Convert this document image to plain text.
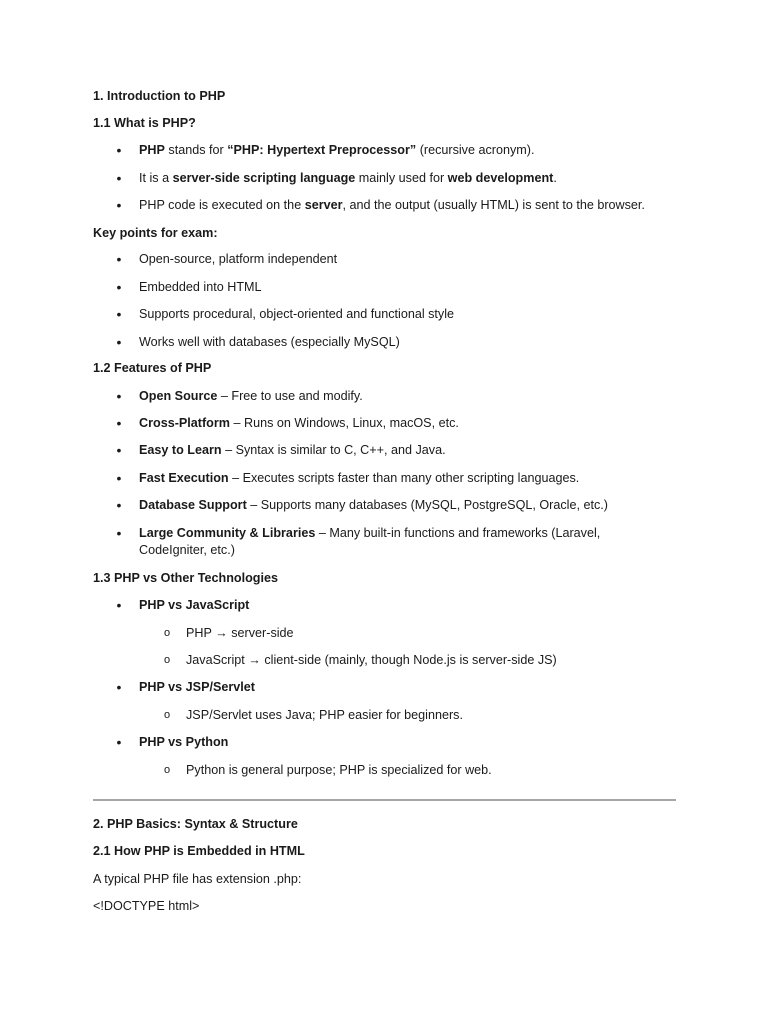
1. Introduction to PHP
1.1 What is PHP?
• PHP stands for “PHP: Hypertext Preprocessor” (recursive acronym).
• It is a server-side scripting language mainly used for web development.
• PHP code is executed on the server, and the output (usually HTML) is sent to the browser.
Key points for exam:
• Open-source, platform independent
• Embedded into HTML
• Supports procedural, object-oriented and functional style
• Works well with databases (especially MySQL)
1.2 Features of PHP
• Open Source – Free to use and modify.
• Cross-Platform – Runs on Windows, Linux, macOS, etc.
• Easy to Learn – Syntax is similar to C, C++, and Java.
• Fast Execution – Executes scripts faster than many other scripting languages.
• Database Support – Supports many databases (MySQL, PostgreSQL, Oracle, etc.)
• Large Community & Libraries – Many built-in functions and frameworks (Laravel, CodeIgniter, etc.)
1.3 PHP vs Other Technologies
• PHP vs JavaScript
o PHP → server-side
o JavaScript → client-side (mainly, though Node.js is server-side JS)
• PHP vs JSP/Servlet
o JSP/Servlet uses Java; PHP easier for beginners.
• PHP vs Python
o Python is general purpose; PHP is specialized for web.
2. PHP Basics: Syntax & Structure
2.1 How PHP is Embedded in HTML
A typical PHP file has extension .php:
<!DOCTYPE html>
